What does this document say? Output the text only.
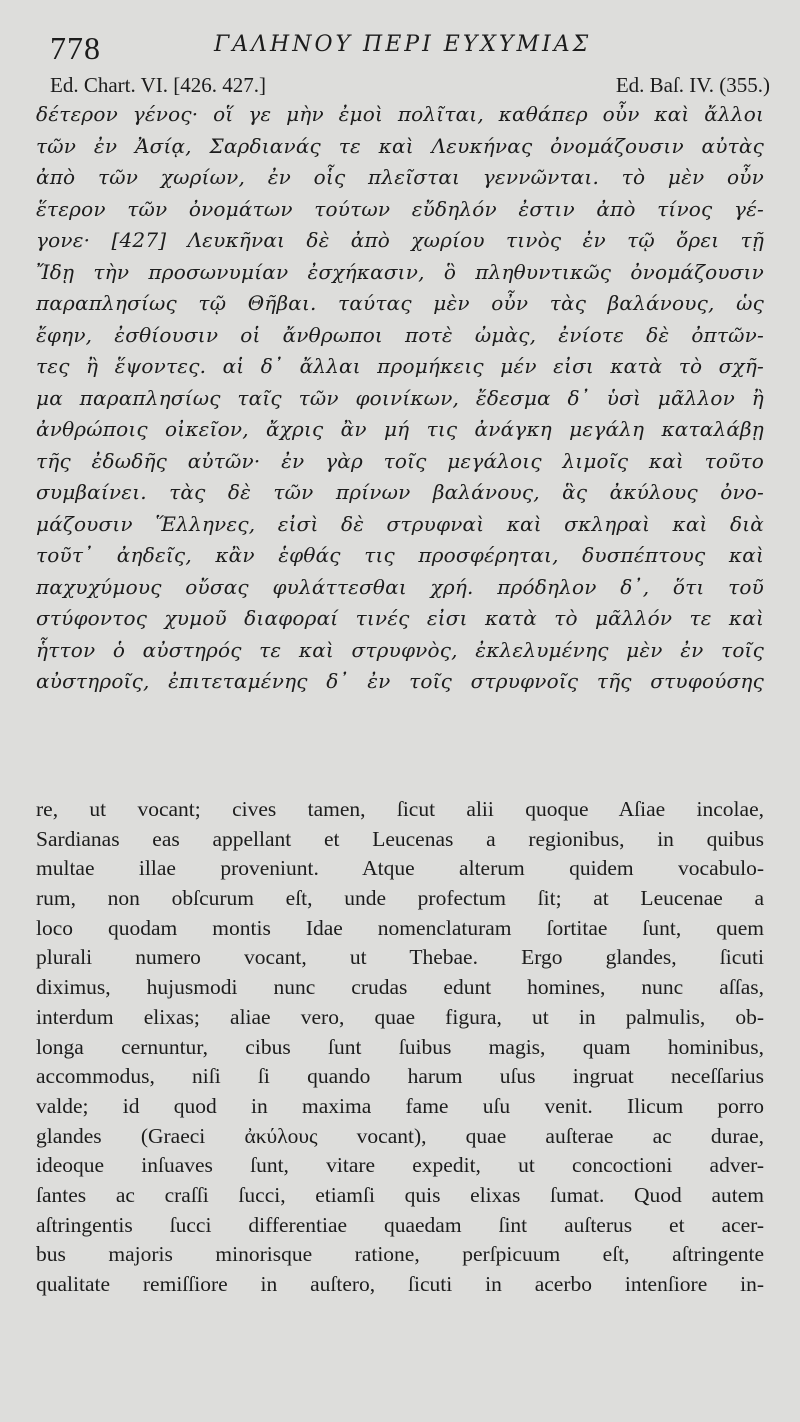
778	ΓΑΛΗΝΟΥ ΠΕΡΙ ΕΥΧΥΜΙΑΣ
Ed. Chart. VI. [426. 427.]	Ed. Baſ. IV. (355.)
δέτερον γένος· οἵ γε μὴν ἐμοὶ πολῖται, καθάπερ οὖν καὶ ἄλλοι
τῶν ἐν Ἀσίᾳ, Σαρδιανάς τε καὶ Λευκήνας ὀνομάζουσιν αὐτὰς
ἀπὸ τῶν χωρίων, ἐν οἷς πλεῖσται γεννῶνται. τὸ μὲν οὖν
ἕτερον τῶν ὀνομάτων τούτων εὔδηλόν ἐστιν ἀπὸ τίνος γέ-
γονε· [427] Λευκῆναι δὲ ἀπὸ χωρίου τινὸς ἐν τῷ ὄρει τῇ
Ἴδῃ τὴν προσωνυμίαν ἐσχήκασιν, ὃ πληθυντικῶς ὀνομάζουσιν
παραπλησίως τῷ Θῆβαι. ταύτας μὲν οὖν τὰς βαλάνους, ὡς
ἔφην, ἐσθίουσιν οἱ ἄνθρωποι ποτὲ ὠμὰς, ἐνίοτε δὲ ὀπτῶν-
τες ἢ ἕψοντες. αἱ δ᾽ ἄλλαι προμήκεις μέν εἰσι κατὰ τὸ σχῆ-
μα παραπλησίως ταῖς τῶν φοινίκων, ἔδεσμα δ᾽ ὑσὶ μᾶλλον ἢ
ἀνθρώποις οἰκεῖον, ἄχρις ἂν μή τις ἀνάγκη μεγάλη καταλάβῃ
τῆς ἐδωδῆς αὐτῶν· ἐν γὰρ τοῖς μεγάλοις λιμοῖς καὶ τοῦτο
συμβαίνει. τὰς δὲ τῶν πρίνων βαλάνους, ἃς ἀκύλους ὀνο-
μάζουσιν Ἕλληνες, εἰσὶ δὲ στρυφναὶ καὶ σκληραὶ καὶ διὰ
τοῦτ᾽ ἀηδεῖς, κἂν ἑφθάς τις προσφέρηται, δυσπέπτους καὶ
παχυχύμους οὔσας φυλάττεσθαι χρή. πρόδηλον δ᾽, ὅτι τοῦ
στύφοντος χυμοῦ διαφοραί τινές εἰσι κατὰ τὸ μᾶλλόν τε καὶ
ἧττον ὁ αὐστηρός τε καὶ στρυφνὸς, ἐκλελυμένης μὲν ἐν τοῖς
αὐστηροῖς, ἐπιτεταμένης δ᾽ ἐν τοῖς στρυφνοῖς τῆς στυφούσης
re, ut vocant; cives tamen, ſicut alii quoque Aſiae incolae,
Sardianas eas appellant et Leucenas a regionibus, in quibus
multae illae proveniunt. Atque alterum quidem vocabulo-
rum, non obſcurum eſt, unde profectum ſit; at Leucenae a
loco quodam montis Idae nomenclaturam ſortitae ſunt, quem
plurali numero vocant, ut Thebae. Ergo glandes, ſicuti
diximus, hujusmodi nunc crudas edunt homines, nunc aſſas,
interdum elixas; aliae vero, quae figura, ut in palmulis, ob-
longa cernuntur, cibus ſunt ſuibus magis, quam hominibus,
accommodus, niſi ſi quando harum uſus ingruat neceſſarius
valde; id quod in maxima fame uſu venit. Ilicum porro
glandes (Graeci ἀκύλους vocant), quae auſterae ac durae,
ideoque inſuaves ſunt, vitare expedit, ut concoctioni adver-
ſantes ac craſſi ſucci, etiamſi quis elixas ſumat. Quod autem
aſtringentis ſucci differentiae quaedam ſint auſterus et acer-
bus majoris minorisque ratione, perſpicuum eſt, aſtringente
qualitate remiſſiore in auſtero, ſicuti in acerbo intenſiore in-
